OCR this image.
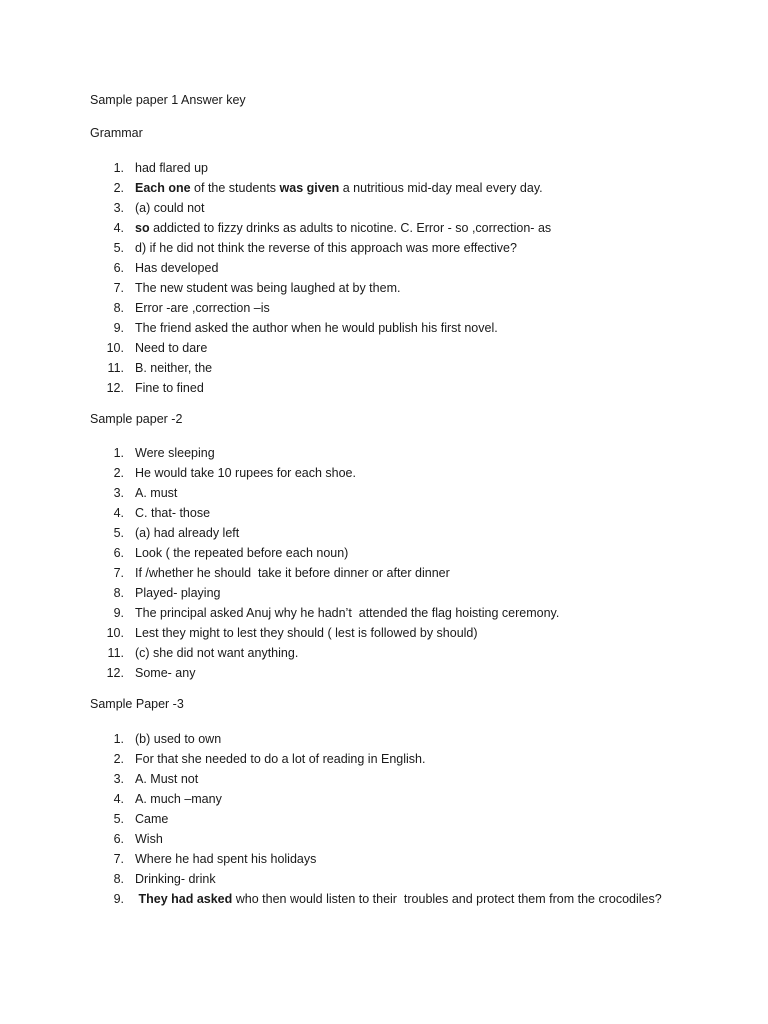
Sample paper 1 Answer key
Grammar
1. had flared up
2. Each one of the students was given a nutritious mid-day meal every day.
3. (a) could not
4. so addicted to fizzy drinks as adults to nicotine. C. Error - so ,correction- as
5. d) if he did not think the reverse of this approach was more effective?
6. Has developed
7. The new student was being laughed at by them.
8. Error -are ,correction –is
9. The friend asked the author when he would publish his first novel.
10. Need to dare
11. B. neither, the
12. Fine to fined
Sample paper -2
1. Were sleeping
2. He would take 10 rupees for each shoe.
3. A. must
4. C. that- those
5. (a) had already left
6. Look ( the repeated before each noun)
7. If /whether he should  take it before dinner or after dinner
8. Played- playing
9. The principal asked Anuj why he hadn’t  attended the flag hoisting ceremony.
10. Lest they might to lest they should ( lest is followed by should)
11. (c) she did not want anything.
12. Some- any
Sample Paper -3
1. (b) used to own
2. For that she needed to do a lot of reading in English.
3. A. Must not
4. A. much –many
5. Came
6. Wish
7. Where he had spent his holidays
8. Drinking- drink
9. They had asked who then would listen to their  troubles and protect them from the crocodiles?
